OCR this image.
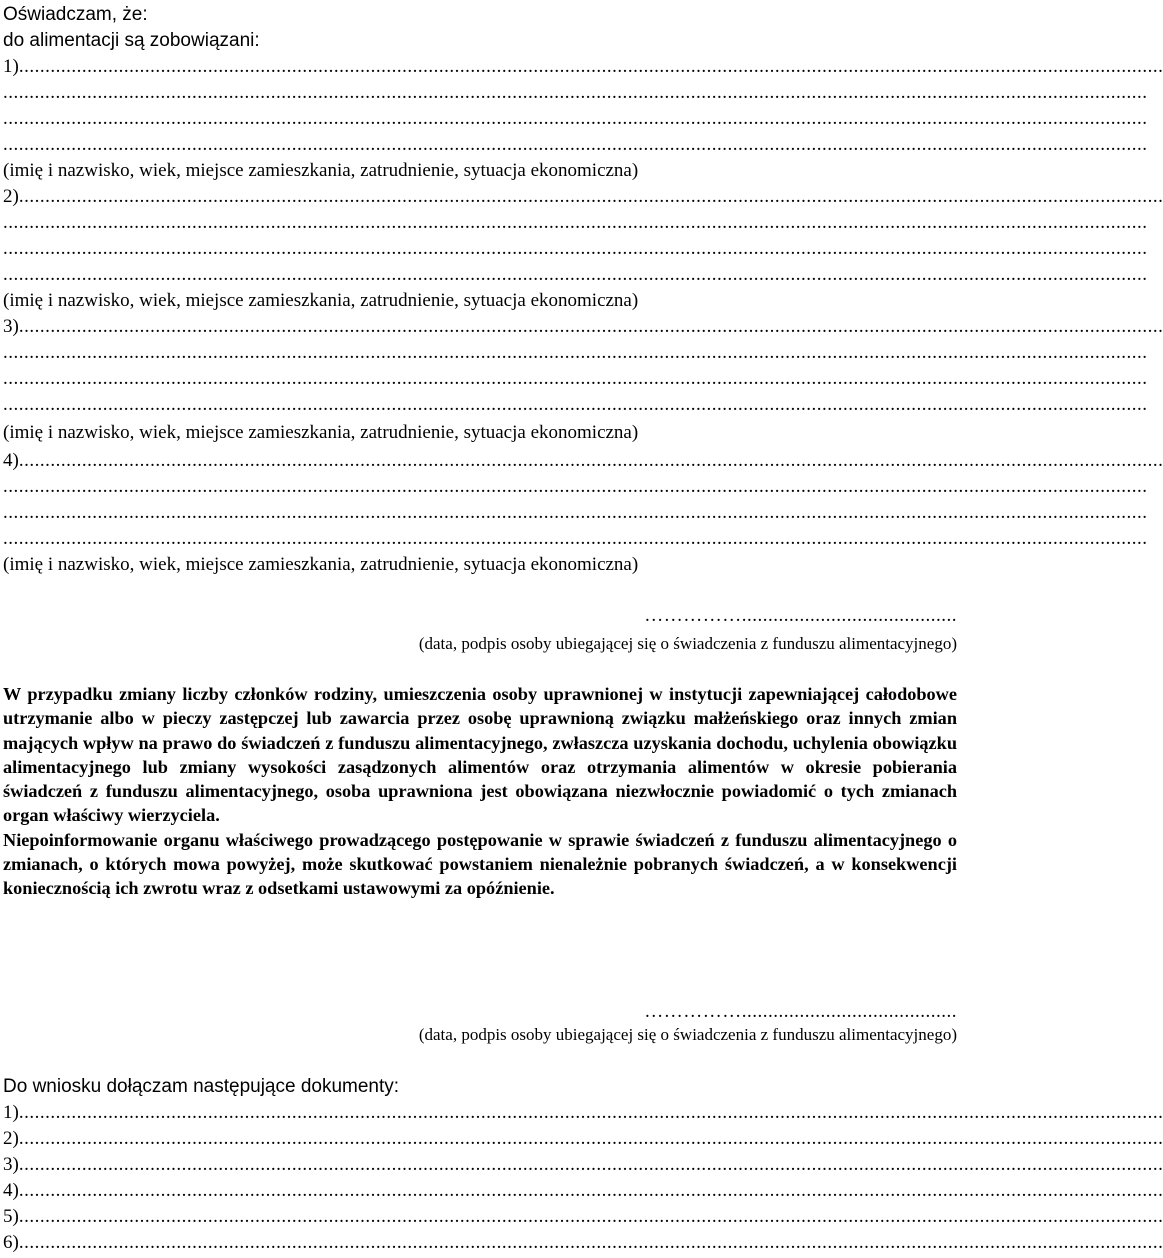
Oświadczam, że:
do alimentacji są zobowiązani:
1) ..........................................................................................................................................................................................................................
..........................................................................................................................................................................................................................
..........................................................................................................................................................................................................................
..........................................................................................................................................................................................................................
(imię i nazwisko, wiek, miejsce zamieszkania, zatrudnienie, sytuacja ekonomiczna)
2) ..........................................................................................................................................................................................................................
..........................................................................................................................................................................................................................
..........................................................................................................................................................................................................................
..........................................................................................................................................................................................................................
(imię i nazwisko, wiek, miejsce zamieszkania, zatrudnienie, sytuacja ekonomiczna)
3) ..........................................................................................................................................................................................................................
..........................................................................................................................................................................................................................
..........................................................................................................................................................................................................................
..........................................................................................................................................................................................................................
(imię i nazwisko, wiek, miejsce zamieszkania, zatrudnienie, sytuacja ekonomiczna)
4) ..........................................................................................................................................................................................................................
..........................................................................................................................................................................................................................
..........................................................................................................................................................................................................................
..........................................................................................................................................................................................................................
(imię i nazwisko, wiek, miejsce zamieszkania, zatrudnienie, sytuacja ekonomiczna)
…………….........................................
(data, podpis osoby ubiegającej się o świadczenia z funduszu alimentacyjnego)

W przypadku zmiany liczby członków rodziny, umieszczenia osoby uprawnionej w instytucji zapewniającej całodobowe utrzymanie albo w pieczy zastępczej lub zawarcia przez osobę uprawnioną związku małżeńskiego oraz innych zmian mających wpływ na prawo do świadczeń z funduszu alimentacyjnego, zwłaszcza uzyskania dochodu, uchylenia obowiązku alimentacyjnego lub zmiany wysokości zasądzonych alimentów oraz otrzymania alimentów w okresie pobierania świadczeń z funduszu alimentacyjnego, osoba uprawniona jest obowiązana niezwłocznie powiadomić o tych zmianach organ właściwy wierzyciela.

Niepoinformowanie organu właściwego prowadzącego postępowanie w sprawie świadczeń z funduszu alimentacyjnego o zmianach, o których mowa powyżej, może skutkować powstaniem nienależnie pobranych świadczeń, a w konsekwencji koniecznością ich zwrotu wraz z odsetkami ustawowymi za opóźnienie.

…………….........................................
(data, podpis osoby ubiegającej się o świadczenia z funduszu alimentacyjnego)
Do wniosku dołączam następujące dokumenty:
1) ..........................................................................................................................................................................................................................
2) ..........................................................................................................................................................................................................................
3) ..........................................................................................................................................................................................................................
4) ..........................................................................................................................................................................................................................
5) ..........................................................................................................................................................................................................................
6) ..........................................................................................................................................................................................................................
